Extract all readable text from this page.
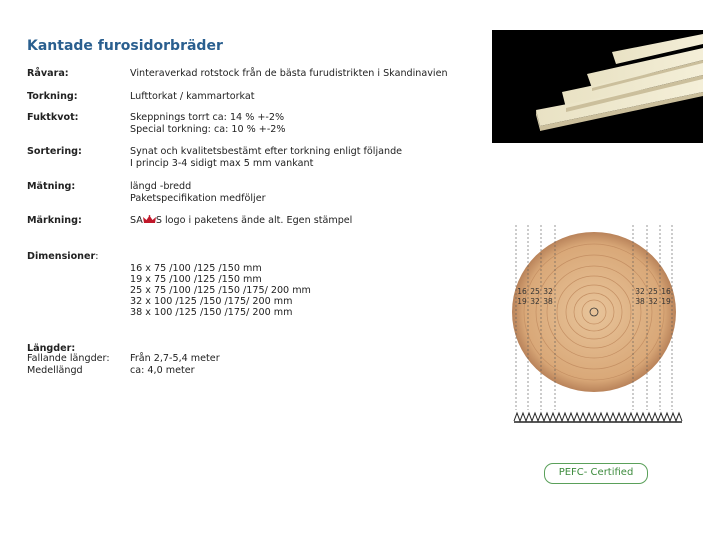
Kantade furosidorbräder
Råvara:	Vinteraverkad rotstock från de bästa furudistrikten i Skandinavien
Torkning:	Lufttorkat / kammartorkat
Fuktkvot:	Skeppnings torrt ca: 14 % +-2%
Special torkning: ca: 10 % +-2%
Sortering:	Synat och kvalitetsbestämt efter torkning enligt följande
I princip 3-4 sidigt max 5 mm vankant
Mätning:	längd -bredd
Paketspecifikation medföljer
Märkning:	SA S logo i paketens ände alt. Egen stämpel
Dimensioner:
16 x 75 /100 /125 /150 mm
19 x 75 /100 /125 /150 mm
25 x 75 /100 /125 /150 /175/ 200 mm
32 x 100 /125 /150 /175/ 200 mm
38 x 100 /125 /150 /175/ 200 mm
Längder:
Fallande längder: Från 2,7-5,4 meter
Medellängd	ca: 4,0 meter
16 25 32
19 32 38
32 25 16
38 32 19
PEFC- Certified
